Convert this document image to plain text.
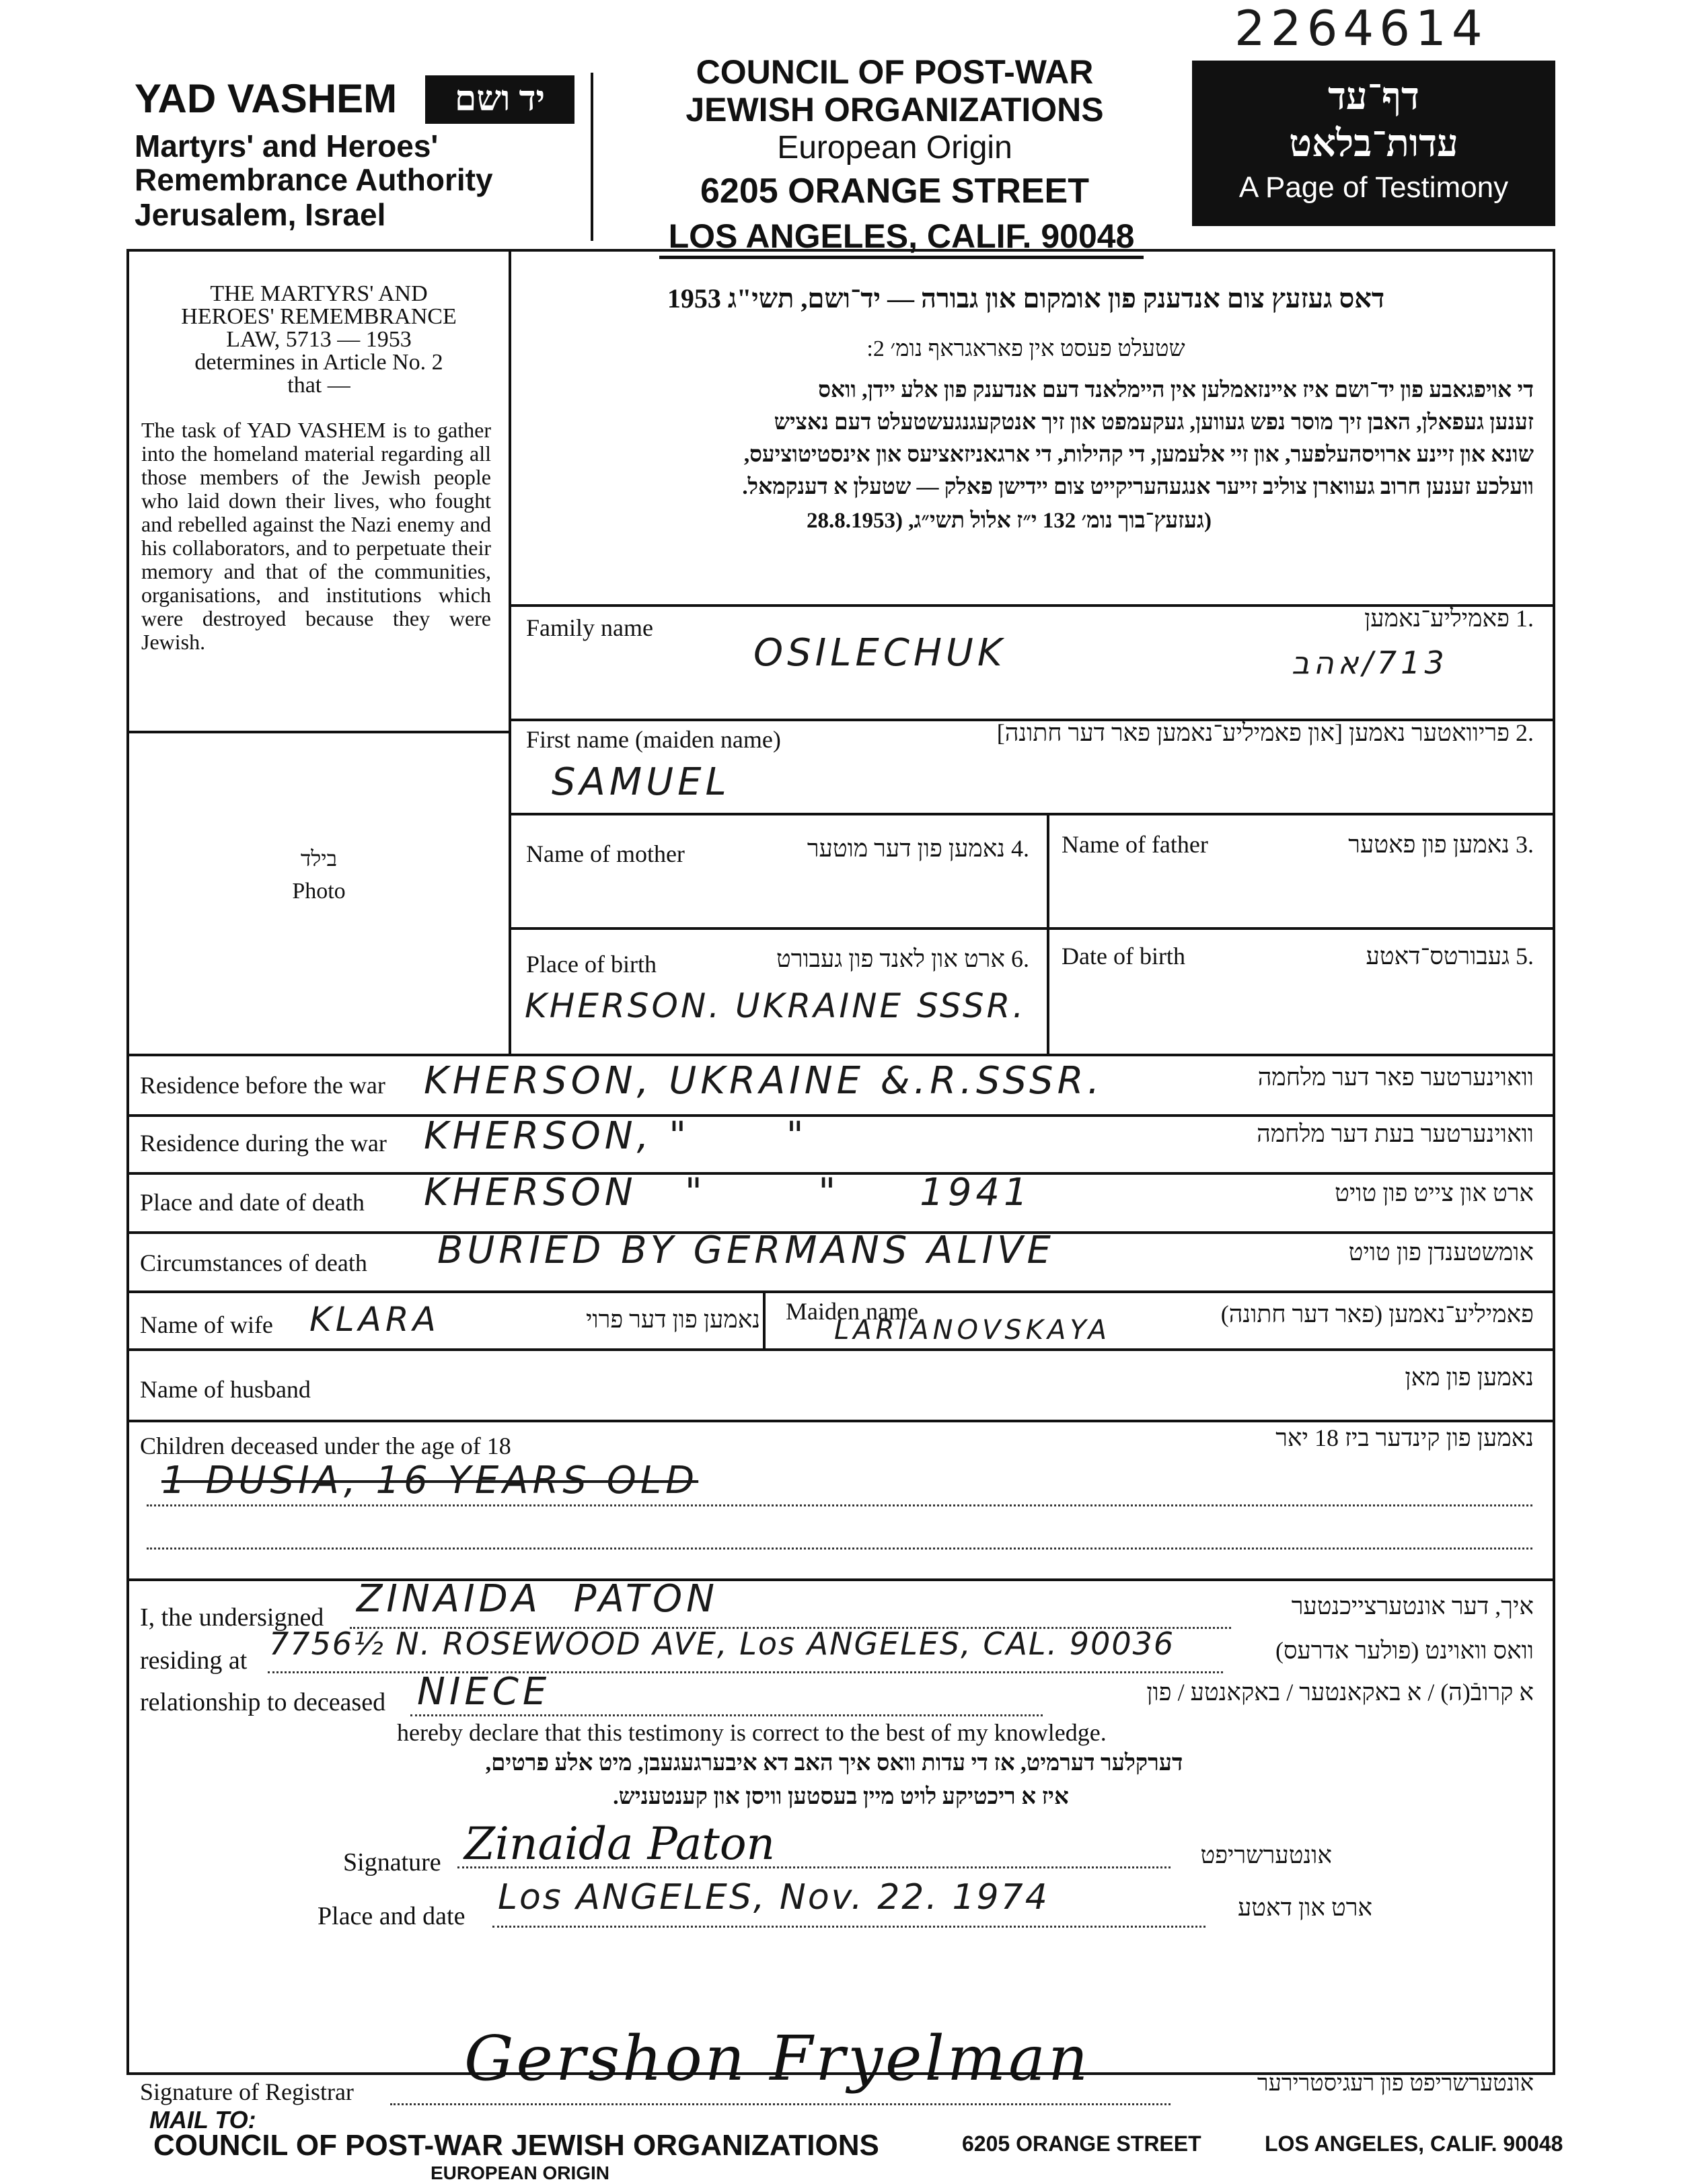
2264614
YAD VASHEM	יד ושם
Martyrs' and Heroes'
Remembrance Authority
Jerusalem, Israel
COUNCIL OF POST-WAR
JEWISH ORGANIZATIONS
European Origin
6205 ORANGE STREET
LOS ANGELES, CALIF. 90048
דף־עד
עדות־בלאט
A Page of Testimony
THE MARTYRS' AND
HEROES' REMEMBRANCE
LAW, 5713 — 1953
determines in Article No. 2
that —
The task of YAD VASHEM is to gather into the homeland material regarding all those members of the Jewish people who laid down their lives, who fought and rebelled against the Nazi enemy and his collaborators, and to perpetuate their memory and that of the communities, organisations, and institutions which were destroyed because they were Jewish.
בילד
Photo
דאס געזעץ צום אנדענק פון אומקום און גבורה — יד־ושם, תשי"ג 1953
שטעלט פעסט אין פאראגראף נומ׳ 2:
די אויפגאבע פון יד־ושם איז איינזאמלען אין היימלאנד דעם אנדענק פון אלע יידן, וואס
זענען געפאלן, האבן זיך מוסר נפש געווען, געקעמפט און זיך אנטקעגנגעשטעלט דעם נאציש
שונא און זיינע ארויסהעלפער, און זיי אלעמען, די קהילות, די ארגאניזאציעס און אינסטיטוציעס,
וועלכע זענען חרוב געווארן צוליב זייער אנגעהעריקייט צום יידישן פאלק — שטעלן א דענקמאל.
(געזעץ־בוך נומ׳ 132 י״ז אלול תשי״ג, (28.8.1953
Family name	.1 פאמיליע־נאמען
OSILECHUK	713/אהב
First name (maiden name)	.2 פריוואטער נאמען [און פאמיליע־נאמען פאר דער חתונה]
SAMUEL
Name of mother	.4 נאמען פון דער מוטער Name of father	.3 נאמען פון פאטער
Place of birth	.6 ארט און לאנד פון געבורט
KHERSON. UKRAINE SSSR.
Date of birth	.5 געבורטס־דאטע
Residence before the war	וואוינערטער פאר דער מלחמה
KHERSON, UKRAINE &.R.SSSR.
Residence during the war	וואוינערטער בעת דער מלחמה
KHERSON, "      "
Place and date of death	ארט און צייט פון טויט
KHERSON   "       "     1941
Circumstances of death	אומשטענדן פון טויט
BURIED BY GERMANS ALIVE
Name of wife KLARA	נאמען פון דער פרוי Maiden name
LARIANOVSKAYA
פאמיליע־נאמען (פאר דער חתונה)
Name of husband	נאמען פון מאן
Children deceased under the age of 18	נאמען פון קינדער ביז 18 יאר
1 DUSIA, 16 YEARS OLD
I, the undersigned ZINAIDA  PATON	איך, דער אונטערצייכנטער
residing at 7756½ N. ROSEWOOD AVE, Los ANGELES, CAL. 90036	וואס וואוינט (פולער אדרעס)
relationship to deceased NIECE	א קרובֿ(ה) / א באקאנטער / באקאנטע / פון
hereby declare that this testimony is correct to the best of my knowledge.
דערקלער דערמיט, אז די עדות וואס איך האב דא איבערגעגעבן, מיט אלע פרטים,
איז א ריכטיקע לויט מיין בעסטען וויסן און קענטעניש.
Signature Zinaida Paton	אונטערשריפט
Place and date Los ANGELES, Nov. 22. 1974	ארט און דאטע
Signature of Registrar Gershon Fryelman	אונטערשריפט פון רעגיסטרירער
MAIL TO:
COUNCIL OF POST-WAR JEWISH ORGANIZATIONS	6205 ORANGE STREET	LOS ANGELES, CALIF. 90048
EUROPEAN ORIGIN
